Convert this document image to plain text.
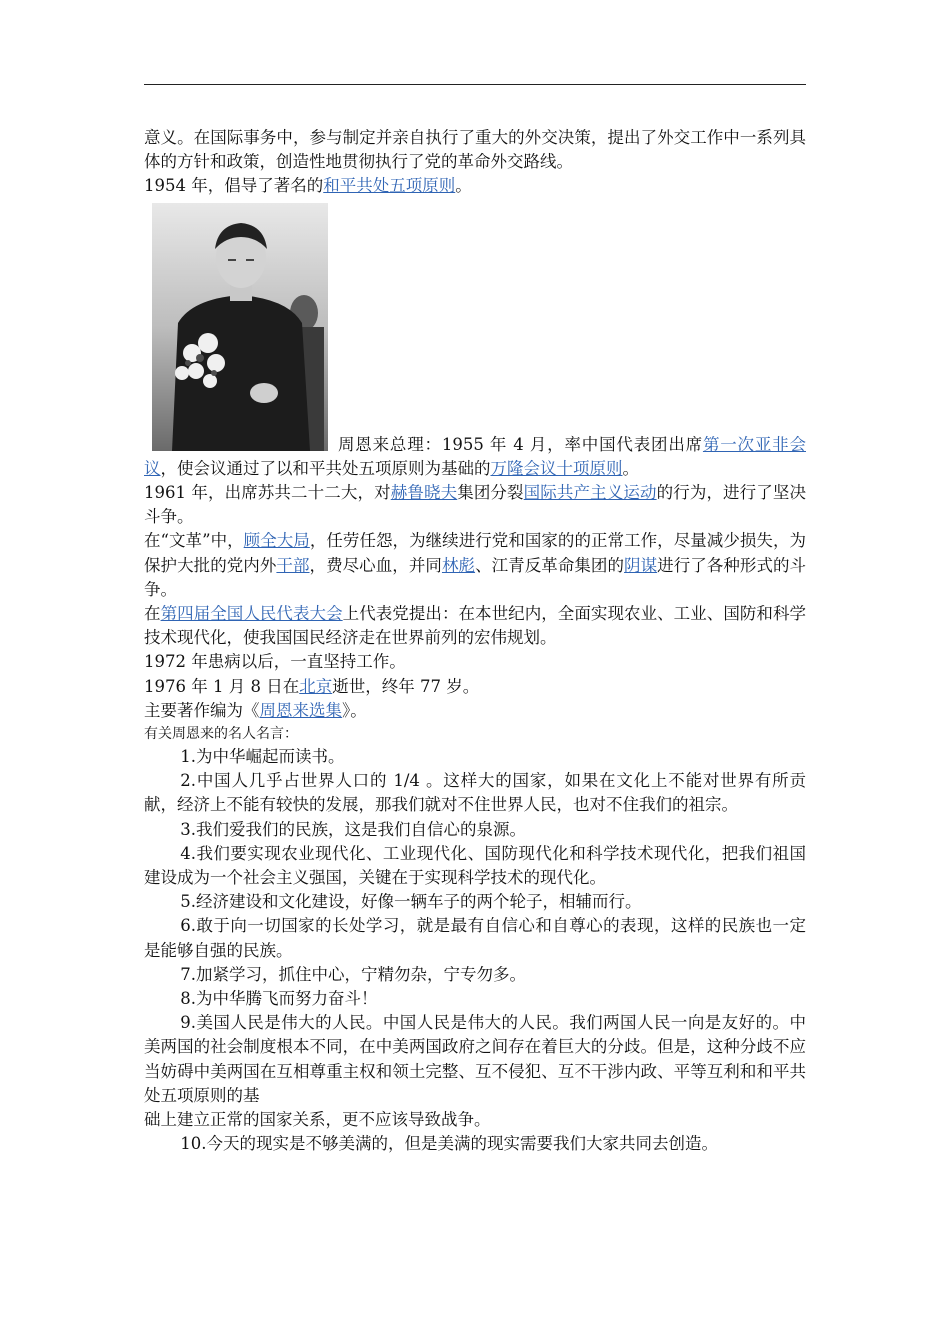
意义。在国际事务中，参与制定并亲自执行了重大的外交决策，提出了外交工作中一系列具体的方针和政策，创造性地贯彻执行了党的革命外交路线。

1954 年，倡导了著名的和平共处五项原则。

周恩来总理：1955 年 4 月，率中国代表团出席第一次亚非会议，使会议通过了以和平共处五项原则为基础的万隆会议十项原则。

1961 年，出席苏共二十二大，对赫鲁晓夫集团分裂国际共产主义运动的行为，进行了坚决斗争。

在“文革”中，顾全大局，任劳任怨，为继续进行党和国家的的正常工作，尽量减少损失，为保护大批的党内外干部，费尽心血，并同林彪、江青反革命集团的阴谋进行了各种形式的斗争。

在第四届全国人民代表大会上代表党提出：在本世纪内，全面实现农业、工业、国防和科学技术现代化，使我国国民经济走在世界前列的宏伟规划。

1972 年患病以后，一直坚持工作。

1976 年 1 月 8 日在北京逝世，终年 77 岁。

主要著作编为《周恩来选集》。

有关周恩来的名人名言：

1.为中华崛起而读书。

2.中国人几乎占世界人口的 1/4 。这样大的国家，如果在文化上不能对世界有所贡献，经济上不能有较快的发展，那我们就对不住世界人民，也对不住我们的祖宗。

3.我们爱我们的民族，这是我们自信心的泉源。

4.我们要实现农业现代化、工业现代化、国防现代化和科学技术现代化，把我们祖国建设成为一个社会主义强国，关键在于实现科学技术的现代化。

5.经济建设和文化建设，好像一辆车子的两个轮子，相辅而行。

6.敢于向一切国家的长处学习，就是最有自信心和自尊心的表现，这样的民族也一定是能够自强的民族。

7.加紧学习，抓住中心，宁精勿杂，宁专勿多。

8.为中华腾飞而努力奋斗！

9.美国人民是伟大的人民。中国人民是伟大的人民。我们两国人民一向是友好的。中美两国的社会制度根本不同，在中美两国政府之间存在着巨大的分歧。但是，这种分歧不应当妨碍中美两国在互相尊重主权和领土完整、互不侵犯、互不干涉内政、平等互利和和平共处五项原则的基

础上建立正常的国家关系，更不应该导致战争。

10.今天的现实是不够美满的，但是美满的现实需要我们大家共同去创造。
